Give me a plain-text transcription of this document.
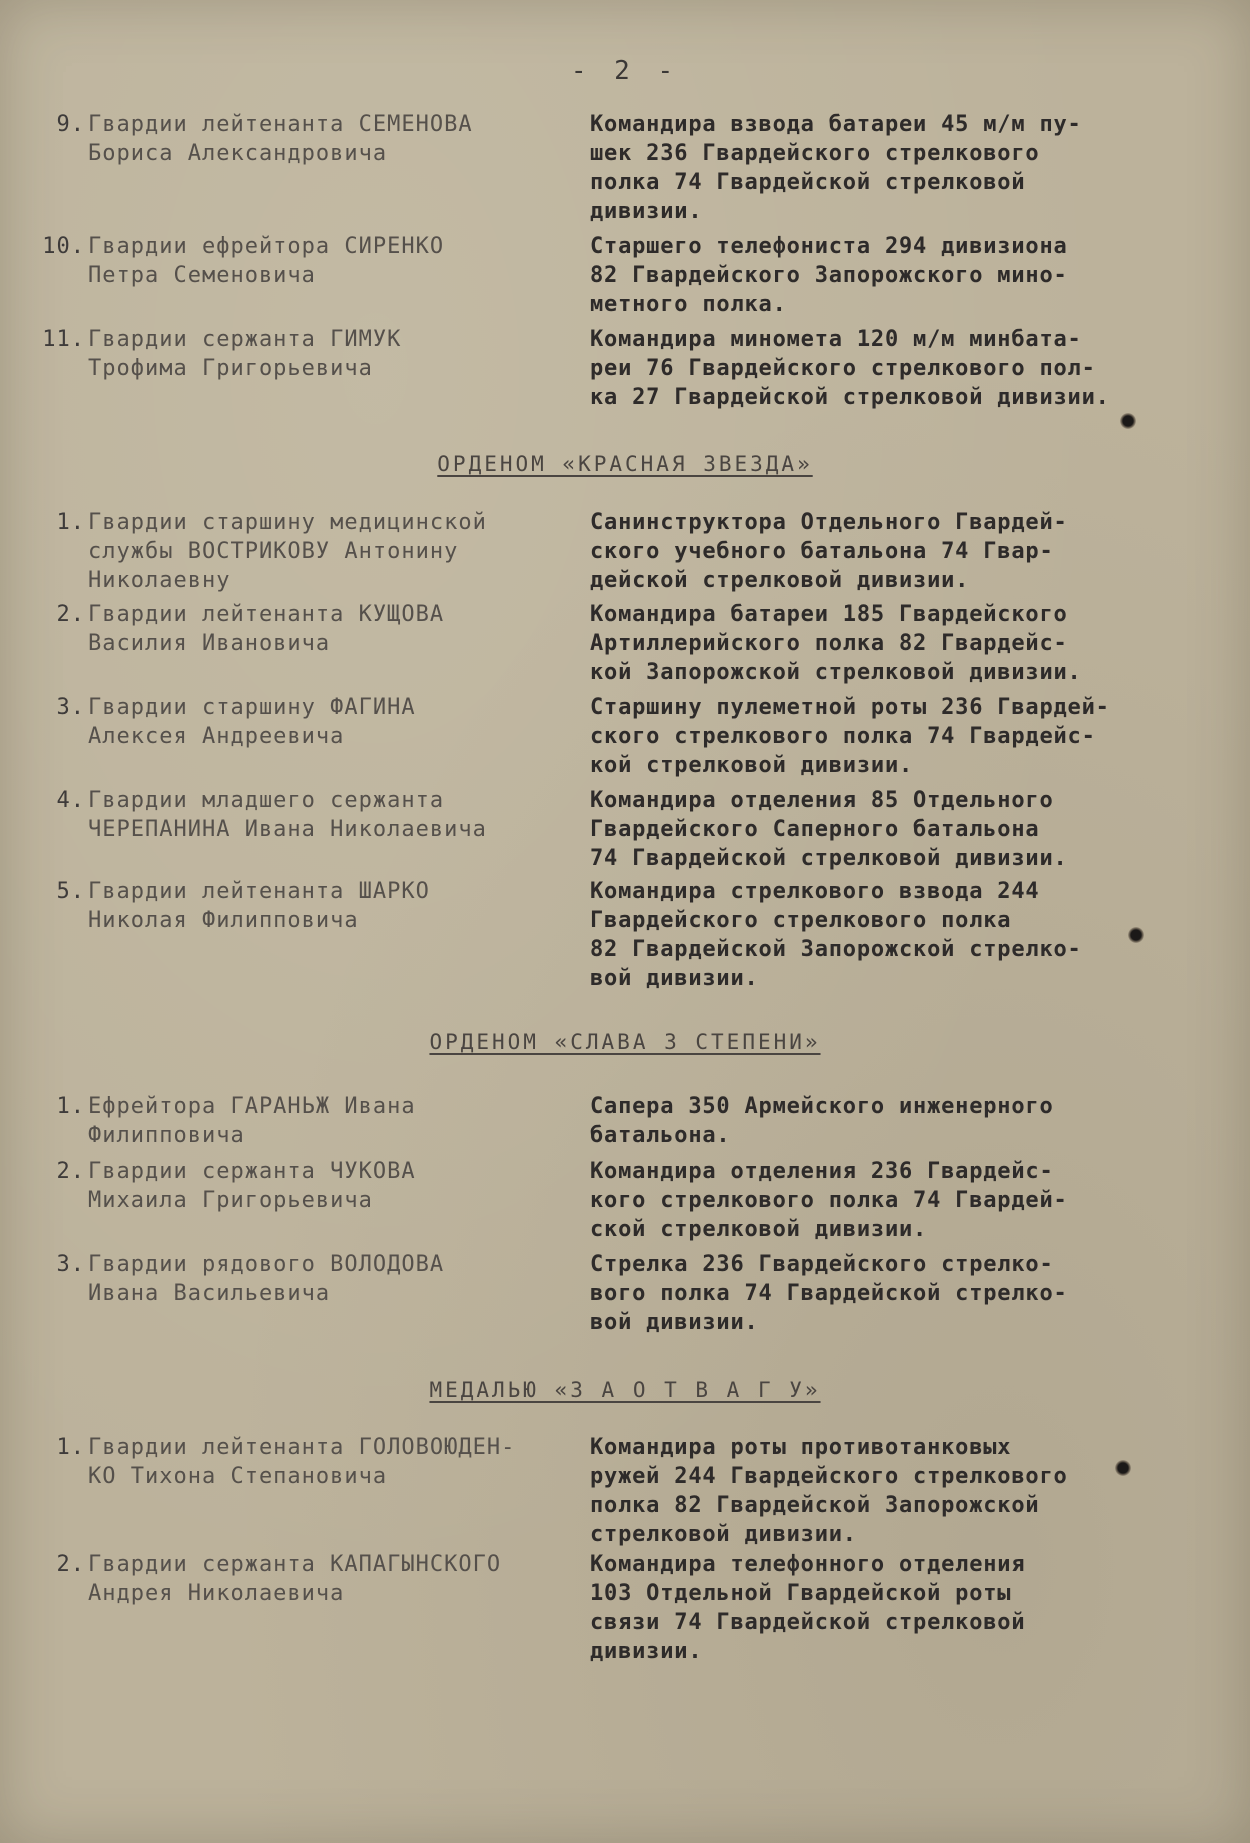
- 2 -
9. Гвардии лейтенанта СЕМЕНОВА
Бориса Александровича
Командира взвода батареи 45 м/м пу-
шек 236 Гвардейского стрелкового
полка 74 Гвардейской стрелковой
дивизии.
10. Гвардии ефрейтора СИРЕНКО
Петра Семеновича
Старшего телефониста 294 дивизиона
82 Гвардейского Запорожского мино-
метного полка.
11. Гвардии сержанта ГИМУК
Трофима Григорьевича
Командира миномета 120 м/м минбата-
реи 76 Гвардейского стрелкового пол-
ка 27 Гвардейской стрелковой дивизии.
ОРДЕНОМ «КРАСНАЯ ЗВЕЗДА»
1. Гвардии старшину медицинской
службы ВОСТРИКОВУ Антонину
Николаевну
Санинструктора Отдельного Гвардей-
ского учебного батальона 74 Гвар-
дейской стрелковой дивизии.
2. Гвардии лейтенанта КУЩОВА
Василия Ивановича
Командира батареи 185 Гвардейского
Артиллерийского полка 82 Гвардейс-
кой Запорожской стрелковой дивизии.
3. Гвардии старшину ФАГИНА
Алексея Андреевича
Старшину пулеметной роты 236 Гвардей-
ского стрелкового полка 74 Гвардейс-
кой стрелковой дивизии.
4. Гвардии младшего сержанта
ЧЕРЕПАНИНА Ивана Николаевича
Командира отделения 85 Отдельного
Гвардейского Саперного батальона
74 Гвардейской стрелковой дивизии.
5. Гвардии лейтенанта ШАРКО
Николая Филипповича
Командира стрелкового взвода 244
Гвардейского стрелкового полка
82 Гвардейской Запорожской стрелко-
вой дивизии.
ОРДЕНОМ «СЛАВА 3 СТЕПЕНИ»
1. Ефрейтора ГАРАНЬЖ Ивана
Филипповича
Сапера 350 Армейского инженерного
батальона.
2. Гвардии сержанта ЧУКОВА
Михаила Григорьевича
Командира отделения 236 Гвардейс-
кого стрелкового полка 74 Гвардей-
ской стрелковой дивизии.
3. Гвардии рядового ВОЛОДОВА
Ивана Васильевича
Стрелка 236 Гвардейского стрелко-
вого полка 74 Гвардейской стрелко-
вой дивизии.
МЕДАЛЬЮ «З А О Т В А Г У»
1. Гвардии лейтенанта ГОЛОВОЮДЕН-
КО Тихона Степановича
Командира роты противотанковых
ружей 244 Гвардейского стрелкового
полка 82 Гвардейской Запорожской
стрелковой дивизии.
2. Гвардии сержанта КАПАГЫНСКОГО
Андрея Николаевича
Командира телефонного отделения
103 Отдельной Гвардейской роты
связи 74 Гвардейской стрелковой
дивизии.
